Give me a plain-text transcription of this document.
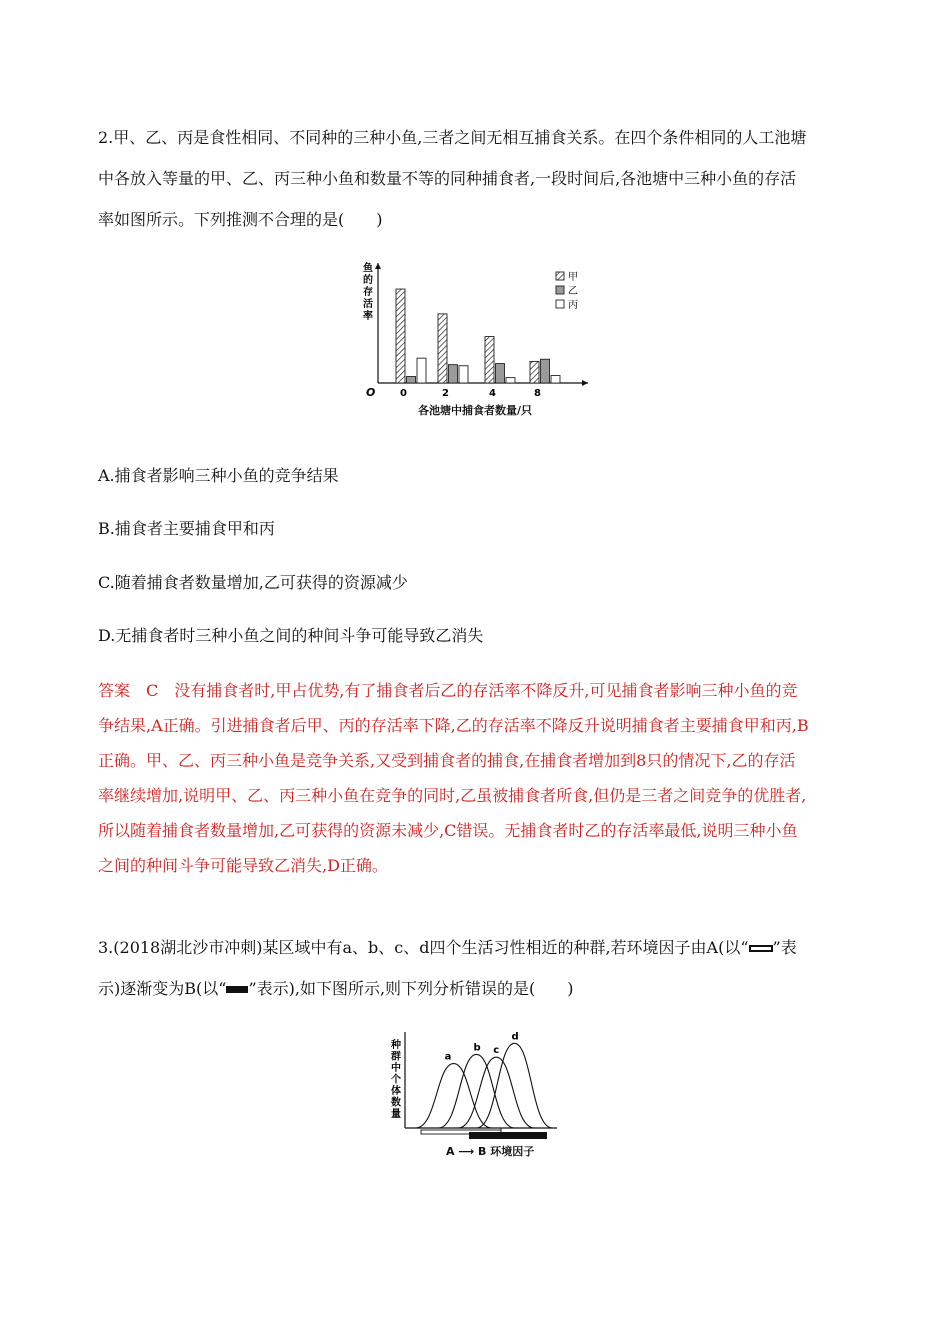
2.甲、乙、丙是食性相同、不同种的三种小鱼,三者之间无相互捕食关系。在四个条件相同的人工池塘

中各放入等量的甲、乙、丙三种小鱼和数量不等的同种捕食者,一段时间后,各池塘中三种小鱼的存活

率如图所示。下列推测不合理的是(　　)

O 0	2	4	8
甲
乙
丙
鱼的存活率
各池塘中捕食者数量/只

A.捕食者影响三种小鱼的竞争结果

B.捕食者主要捕食甲和丙

C.随着捕食者数量增加,乙可获得的资源减少

D.无捕食者时三种小鱼之间的种间斗争可能导致乙消失

答案　C　没有捕食者时,甲占优势,有了捕食者后乙的存活率不降反升,可见捕食者影响三种小鱼的竞

争结果,A正确。引进捕食者后甲、丙的存活率下降,乙的存活率不降反升说明捕食者主要捕食甲和丙,B

正确。甲、乙、丙三种小鱼是竞争关系,又受到捕食者的捕食,在捕食者增加到8只的情况下,乙的存活

率继续增加,说明甲、乙、丙三种小鱼在竞争的同时,乙虽被捕食者所食,但仍是三者之间竞争的优胜者,

所以随着捕食者数量增加,乙可获得的资源未减少,C错误。无捕食者时乙的存活率最低,说明三种小鱼

之间的种间斗争可能导致乙消失,D正确。

3.(2018湖北沙市冲刺)某区域中有a、b、c、d四个生活习性相近的种群,若环境因子由A(以“ ”表

示)逐渐变为B(以“ ”表示),如下图所示,则下列分析错误的是(　　)

a
b c
d
种群中个体数量
A ⟶ B 环境因子
